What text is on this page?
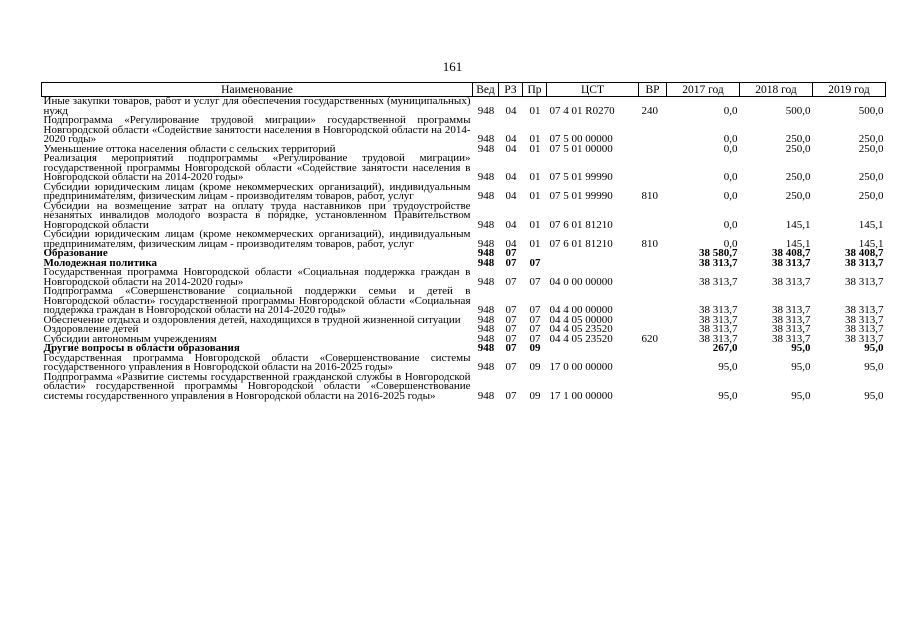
161
Наименование	Вед	РЗ	Пр	ЦСТ	ВР	2017 год	2018 год	2019 год
Иные закупки товаров, работ и услуг для обеспечения государственных (муниципальных) нужд	948	04	01	07 4 01 R0270	240	0,0	500,0	500,0
Подпрограмма «Регулирование трудовой миграции» государственной программы Новгородской области «Содействие занятости населения в Новгородской области на 2014-2020 годы»	948	04	01	07 5 00 00000		0,0	250,0	250,0
Уменьшение оттока населения области с сельских территорий	948	04	01	07 5 01 00000		0,0	250,0	250,0
Реализация мероприятий подпрограммы «Регулирование трудовой миграции» государственной программы Новгородской области «Содействие занятости населения в Новгородской области на 2014-2020 годы»	948	04	01	07 5 01 99990		0,0	250,0	250,0
Субсидии юридическим лицам (кроме некоммерческих организаций), индивидуальным предпринимателям, физическим лицам - производителям товаров, работ, услуг	948	04	01	07 5 01 99990	810	0,0	250,0	250,0
Субсидии на возмещение затрат на оплату труда наставников при трудоустройстве незанятых инвалидов молодого возраста в порядке, установленном Правительством Новгородской области	948	04	01	07 6 01 81210		0,0	145,1	145,1
Субсидии юридическим лицам (кроме некоммерческих организаций), индивидуальным предпринимателям, физическим лицам - производителям товаров, работ, услуг	948	04	01	07 6 01 81210	810	0,0	145,1	145,1
Образование	948	07				38 580,7	38 408,7	38 408,7
Молодежная политика	948	07	07			38 313,7	38 313,7	38 313,7
Государственная программа Новгородской области «Социальная поддержка граждан в Новгородской области на 2014-2020 годы»	948	07	07	04 0 00 00000		38 313,7	38 313,7	38 313,7
Подпрограмма «Совершенствование социальной поддержки семьи и детей в Новгородской области» государственной программы Новгородской области «Социальная поддержка граждан в Новгородской области на 2014-2020 годы»	948	07	07	04 4 00 00000		38 313,7	38 313,7	38 313,7
Обеспечение отдыха и оздоровления детей, находящихся в трудной жизненной ситуации	948	07	07	04 4 05 00000		38 313,7	38 313,7	38 313,7
Оздоровление детей	948	07	07	04 4 05 23520		38 313,7	38 313,7	38 313,7
Субсидии автономным учреждениям	948	07	07	04 4 05 23520	620	38 313,7	38 313,7	38 313,7
Другие вопросы в области образования	948	07	09			267,0	95,0	95,0
Государственная программа Новгородской области «Совершенствование системы государственного управления в Новгородской области на 2016-2025 годы»	948	07	09	17 0 00 00000		95,0	95,0	95,0
Подпрограмма «Развитие системы государственной гражданской службы в Новгородской области» государственной программы Новгородской области «Совершенствование системы государственного управления в Новгородской области на 2016-2025 годы»	948	07	09	17 1 00 00000		95,0	95,0	95,0
